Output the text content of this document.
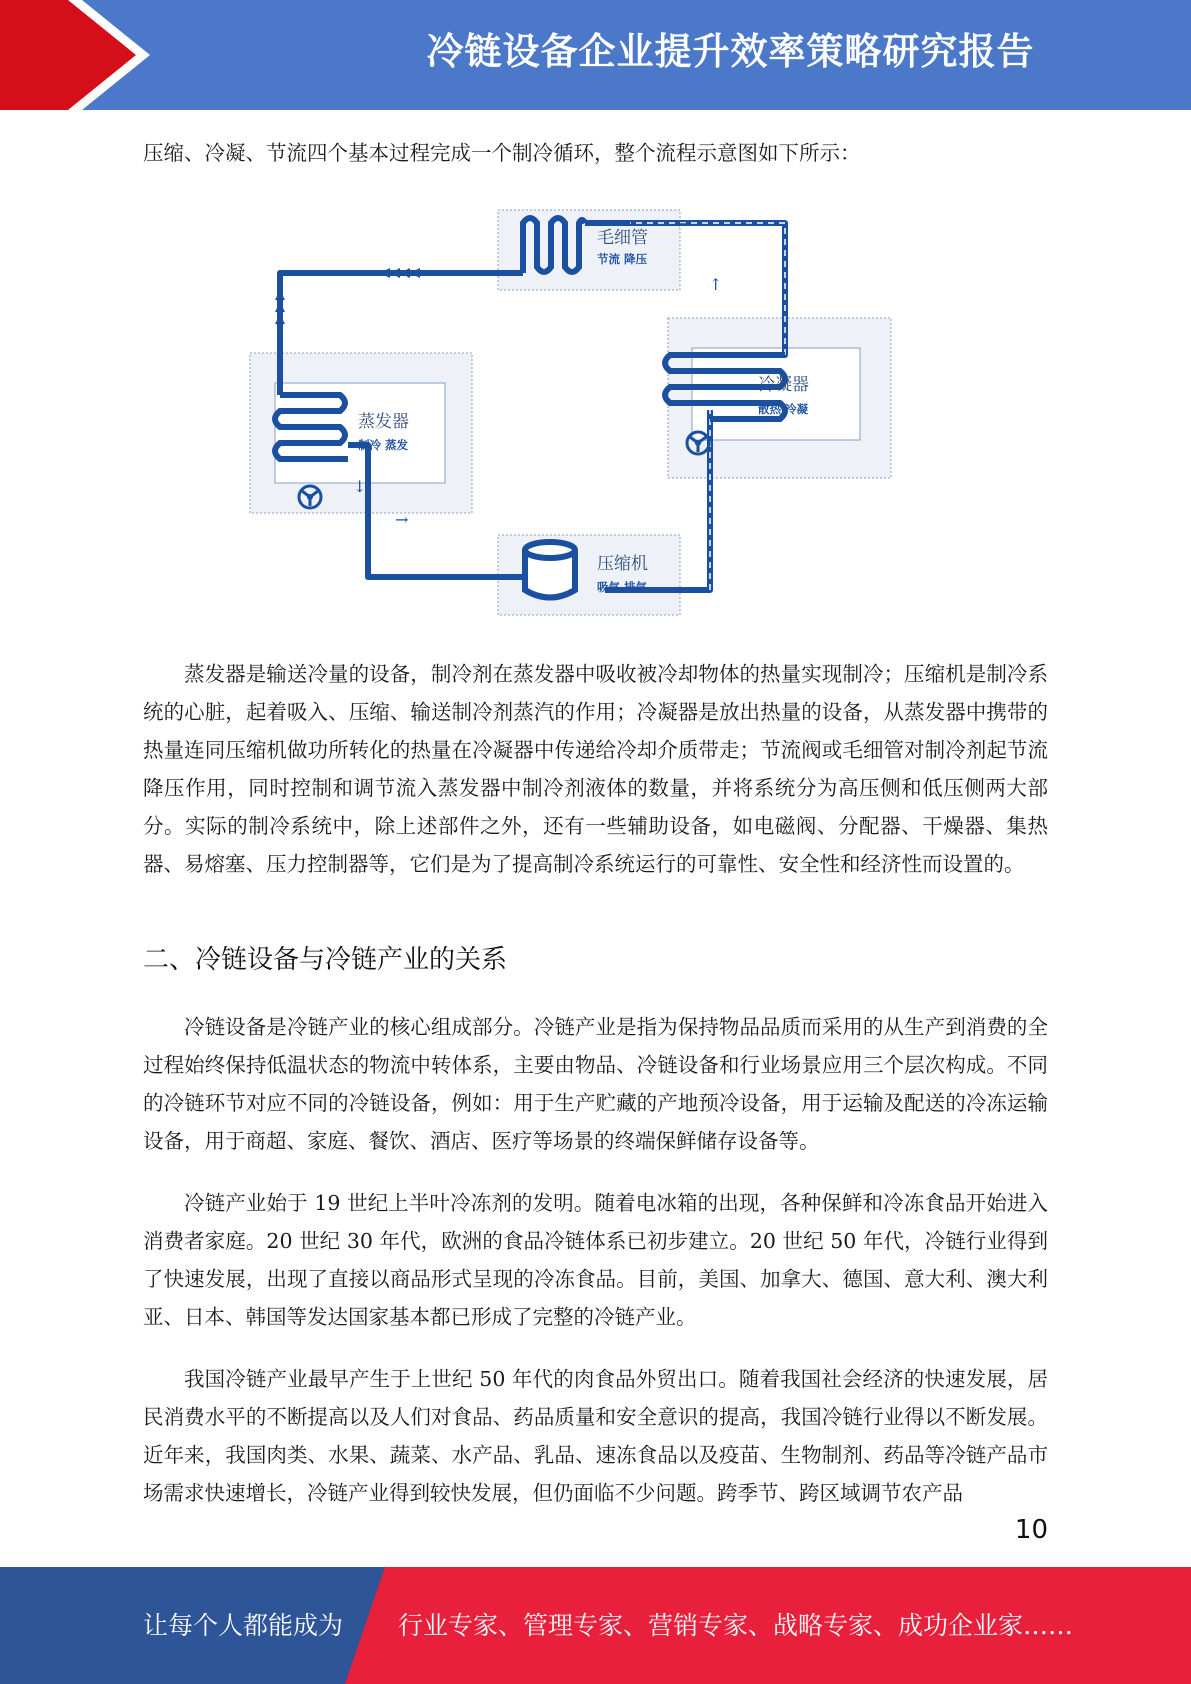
冷链设备企业提升效率策略研究报告

压缩、冷凝、节流四个基本过程完成一个制冷循环，整个流程示意图如下所示：

←
↑
↓
→
毛细管
节流 降压
冷凝器
散热 冷凝
蒸发器
制冷 蒸发
压缩机
吸气 排气

蒸发器是输送冷量的设备，制冷剂在蒸发器中吸收被冷却物体的热量实现制冷；压缩机是制冷系统的心脏，起着吸入、压缩、输送制冷剂蒸汽的作用；冷凝器是放出热量的设备，从蒸发器中携带的热量连同压缩机做功所转化的热量在冷凝器中传递给冷却介质带走；节流阀或毛细管对制冷剂起节流降压作用，同时控制和调节流入蒸发器中制冷剂液体的数量，并将系统分为高压侧和低压侧两大部分。实际的制冷系统中，除上述部件之外，还有一些辅助设备，如电磁阀、分配器、干燥器、集热器、易熔塞、压力控制器等，它们是为了提高制冷系统运行的可靠性、安全性和经济性而设置的。

二、冷链设备与冷链产业的关系

冷链设备是冷链产业的核心组成部分。冷链产业是指为保持物品品质而采用的从生产到消费的全过程始终保持低温状态的物流中转体系，主要由物品、冷链设备和行业场景应用三个层次构成。不同的冷链环节对应不同的冷链设备，例如：用于生产贮藏的产地预冷设备，用于运输及配送的冷冻运输设备，用于商超、家庭、餐饮、酒店、医疗等场景的终端保鲜储存设备等。

冷链产业始于 19 世纪上半叶冷冻剂的发明。随着电冰箱的出现，各种保鲜和冷冻食品开始进入消费者家庭。20 世纪 30 年代，欧洲的食品冷链体系已初步建立。20 世纪 50 年代，冷链行业得到了快速发展，出现了直接以商品形式呈现的冷冻食品。目前，美国、加拿大、德国、意大利、澳大利亚、日本、韩国等发达国家基本都已形成了完整的冷链产业。

我国冷链产业最早产生于上世纪 50 年代的肉食品外贸出口。随着我国社会经济的快速发展，居民消费水平的不断提高以及人们对食品、药品质量和安全意识的提高，我国冷链行业得以不断发展。近年来，我国肉类、水果、蔬菜、水产品、乳品、速冻食品以及疫苗、生物制剂、药品等冷链产品市场需求快速增长，冷链产业得到较快发展，但仍面临不少问题。跨季节、跨区域调节农产品

10
让每个人都能成为 行业专家、管理专家、营销专家、战略专家、成功企业家……
